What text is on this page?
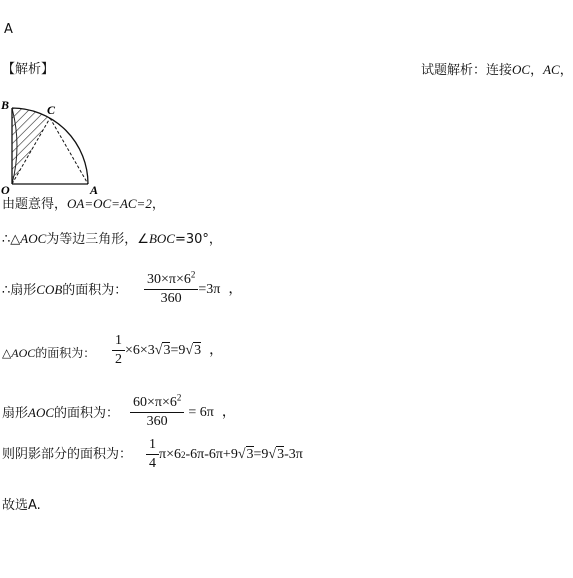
A
【解析】	试题解析：连接OC，AC，
B	C
O	A
由题意得，OA=OC=AC=2，
∴△AOC为等边三角形，∠BOC=30°，
∴扇形COB的面积为： $\frac{30\times\pi\times 6^2}{360} =3\pi$ ，
△AOC的面积为： $\frac{1}{2} \times 6\times 3$ √ 3 =9 √ 3 ，
扇形AOC的面积为： $\frac{60\times\pi\times 6^2}{360} = 6\pi$ ，
则阴影部分的面积为： $\frac{1}{4} \pi\times 6$ 2 -6π-6π+9 √ 3 =9 √ 3 -3π
故选A.
